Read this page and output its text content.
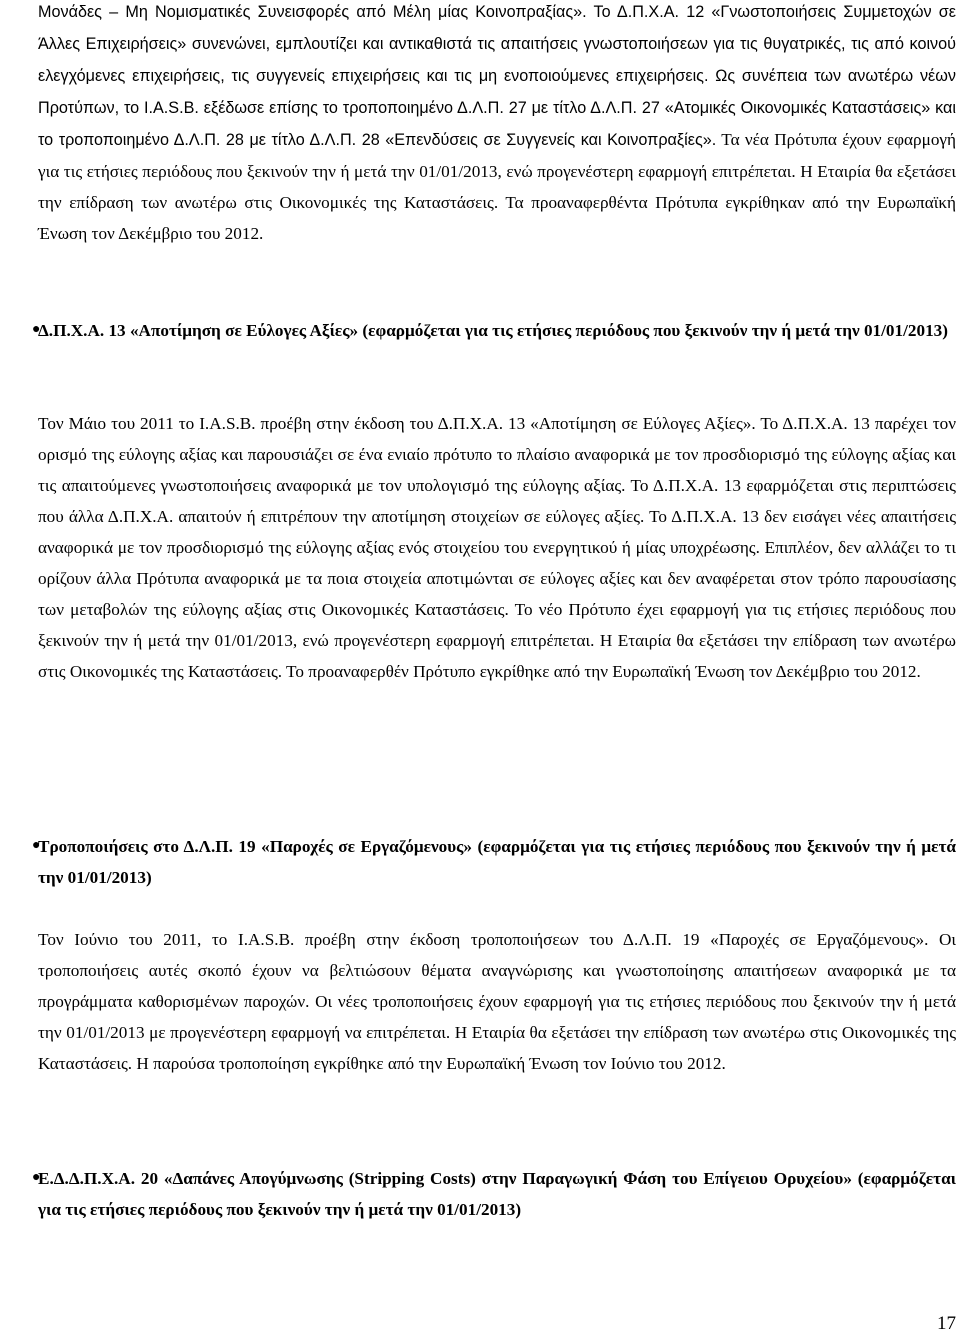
Μονάδες – Μη Νομισματικές Συνεισφορές από Μέλη μίας Κοινοπραξίας». Το Δ.Π.Χ.Α. 12 «Γνωστοποιήσεις Συμμετοχών σε Άλλες Επιχειρήσεις» συνενώνει, εμπλουτίζει και αντικαθιστά τις απαιτήσεις γνωστοποιήσεων για τις θυγατρικές, τις από κοινού ελεγχόμενες επιχειρήσεις, τις συγγενείς επιχειρήσεις και τις μη ενοποιούμενες επιχειρήσεις. Ως συνέπεια των ανωτέρω νέων Προτύπων, το I.A.S.B. εξέδωσε επίσης το τροποποιημένο Δ.Λ.Π. 27 με τίτλο Δ.Λ.Π. 27 «Ατομικές Οικονομικές Καταστάσεις» και το τροποποιημένο Δ.Λ.Π. 28 με τίτλο Δ.Λ.Π. 28 «Επενδύσεις σε Συγγενείς και Κοινοπραξίες». Τα νέα Πρότυπα έχουν εφαρμογή για τις ετήσιες περιόδους που ξεκινούν την ή μετά την 01/01/2013, ενώ προγενέστερη εφαρμογή επιτρέπεται. Η Εταιρία θα εξετάσει την επίδραση των ανωτέρω στις Οικονομικές της Καταστάσεις. Τα προαναφερθέντα Πρότυπα εγκρίθηκαν από την Ευρωπαϊκή Ένωση τον Δεκέμβριο του 2012.

●

Δ.Π.Χ.Α. 13 «Αποτίμηση σε Εύλογες Αξίες» (εφαρμόζεται για τις ετήσιες περιόδους που ξεκινούν την ή μετά την 01/01/2013)

Τον Μάιο του 2011 το I.A.S.B. προέβη στην έκδοση του Δ.Π.Χ.Α. 13 «Αποτίμηση σε Εύλογες Αξίες». Το Δ.Π.Χ.Α. 13 παρέχει τον ορισμό της εύλογης αξίας και παρουσιάζει σε ένα ενιαίο πρότυπο το πλαίσιο αναφορικά με τον προσδιορισμό της εύλογης αξίας και τις απαιτούμενες γνωστοποιήσεις αναφορικά με τον υπολογισμό της εύλογης αξίας. Το Δ.Π.Χ.Α. 13 εφαρμόζεται στις περιπτώσεις που άλλα Δ.Π.Χ.Α. απαιτούν ή επιτρέπουν την αποτίμηση στοιχείων σε εύλογες αξίες. Το Δ.Π.Χ.Α. 13 δεν εισάγει νέες απαιτήσεις αναφορικά με τον προσδιορισμό της εύλογης αξίας ενός στοιχείου του ενεργητικού ή μίας υποχρέωσης. Επιπλέον, δεν αλλάζει το τι ορίζουν άλλα Πρότυπα αναφορικά με τα ποια στοιχεία αποτιμώνται σε εύλογες αξίες και δεν αναφέρεται στον τρόπο παρουσίασης των μεταβολών της εύλογης αξίας στις Οικονομικές Καταστάσεις. Το νέο Πρότυπο έχει εφαρμογή για τις ετήσιες περιόδους που ξεκινούν την ή μετά την 01/01/2013, ενώ προγενέστερη εφαρμογή επιτρέπεται. Η Εταιρία θα εξετάσει την επίδραση των ανωτέρω στις Οικονομικές της Καταστάσεις. Το προαναφερθέν Πρότυπο εγκρίθηκε από την Ευρωπαϊκή Ένωση τον Δεκέμβριο του 2012.

●

Τροποποιήσεις στο Δ.Λ.Π. 19 «Παροχές σε Εργαζόμενους» (εφαρμόζεται για τις ετήσιες περιόδους που ξεκινούν την ή μετά την 01/01/2013)

Τον Ιούνιο του 2011, το I.A.S.B. προέβη στην έκδοση τροποποιήσεων του Δ.Λ.Π. 19 «Παροχές σε Εργαζόμενους». Οι τροποποιήσεις αυτές σκοπό έχουν να βελτιώσουν θέματα αναγνώρισης και γνωστοποίησης απαιτήσεων αναφορικά με τα προγράμματα καθορισμένων παροχών. Οι νέες τροποποιήσεις έχουν εφαρμογή για τις ετήσιες περιόδους που ξεκινούν την ή μετά την 01/01/2013 με προγενέστερη εφαρμογή να επιτρέπεται. Η Εταιρία θα εξετάσει την επίδραση των ανωτέρω στις Οικονομικές της Καταστάσεις. Η παρούσα τροποποίηση εγκρίθηκε από την Ευρωπαϊκή Ένωση τον Ιούνιο του 2012.

●

Ε.Δ.Δ.Π.Χ.Α. 20 «Δαπάνες Απογύμνωσης (Stripping Costs) στην Παραγωγική Φάση του Επίγειου Ορυχείου» (εφαρμόζεται για τις ετήσιες περιόδους που ξεκινούν την ή μετά την 01/01/2013)

17
